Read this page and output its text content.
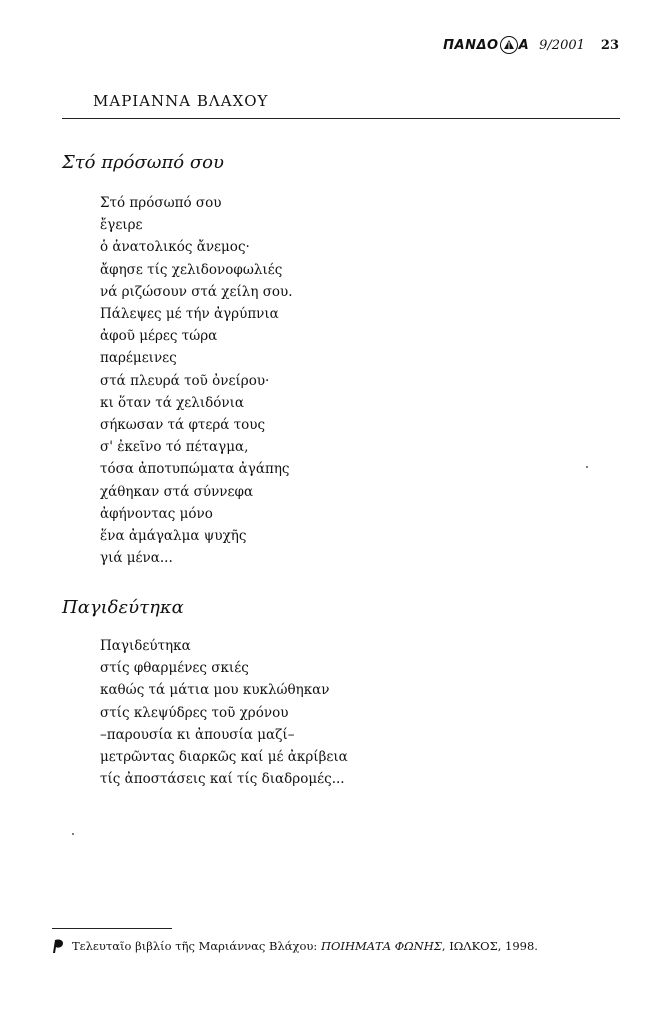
ΠΑΝΔΟ Α 9/2001 23
ΜΑΡΙΑΝΝΑ ΒΛΑΧΟΥ
Στό πρόσωπό σου
Στό πρόσωπό σου
ἔγειρε
ὁ ἀνατολικός ἄνεμος·
ἄφησε τίς χελιδονοφωλιές
νά ριζώσουν στά χείλη σου.
Πάλεψες μέ τήν ἀγρύπνια
ἀφοῦ μέρες τώρα
παρέμεινες
στά πλευρά τοῦ ὀνείρου·
κι ὅταν τά χελιδόνια
σήκωσαν τά φτερά τους
σ' ἐκεῖνο τό πέταγμα,
τόσα ἀποτυπώματα ἀγάπης
χάθηκαν στά σύννεφα
ἀφήνοντας μόνο
ἕνα ἀμάγαλμα ψυχῆς
γιά μένα...
Παγιδεύτηκα
Παγιδεύτηκα
στίς φθαρμένες σκιές
καθώς τά μάτια μου κυκλώθηκαν
στίς κλεψύδρες τοῦ χρόνου
–παρουσία κι ἀπουσία μαζί–
μετρῶντας διαρκῶς καί μέ ἀκρίβεια
τίς ἀποστάσεις καί τίς διαδρομές...
Τελευταῖο βιβλίο τῆς Μαριάννας Βλάχου: ΠΟΙΗΜΑΤΑ ΦΩΝΗΣ, ΙΩΛΚΟΣ, 1998.
